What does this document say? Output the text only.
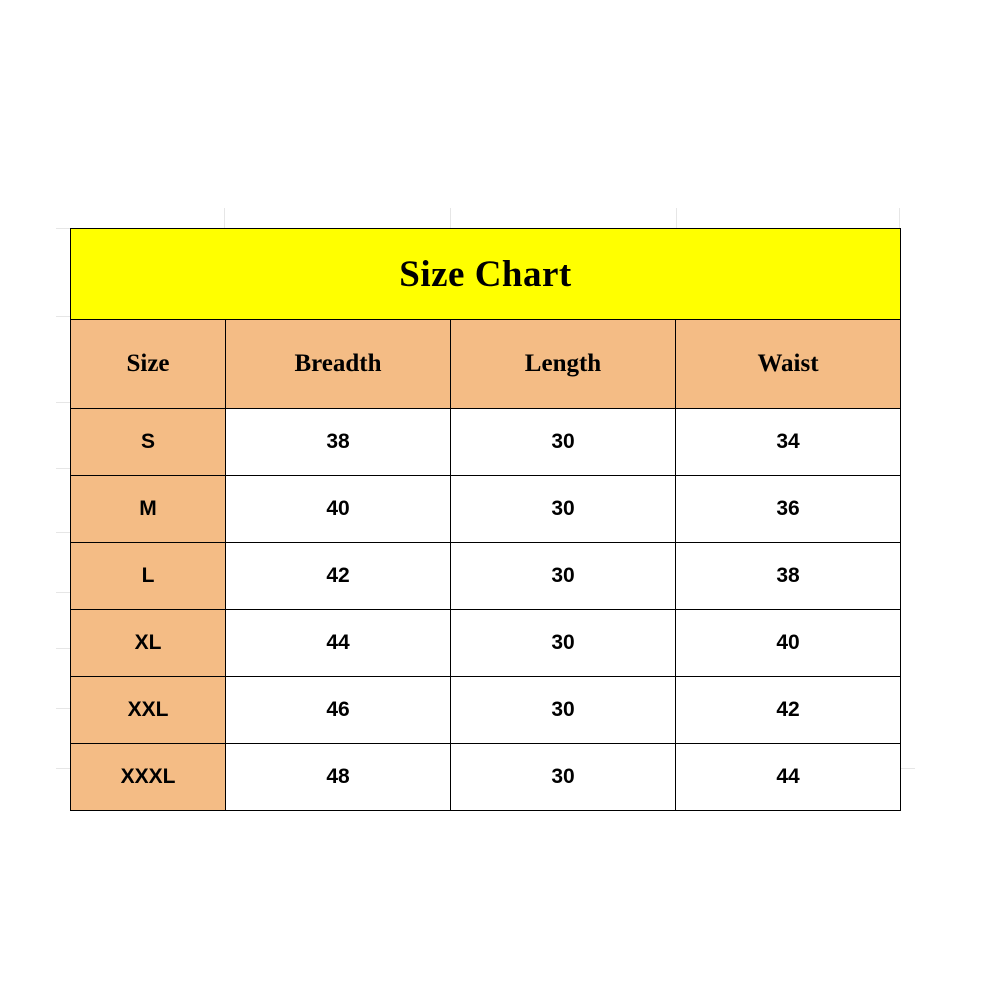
Size Chart			
Size	Breadth	Length	Waist
S	38	30	34
M	40	30	36
L	42	30	38
XL	44	30	40
XXL	46	30	42
XXXL	48	30	44
